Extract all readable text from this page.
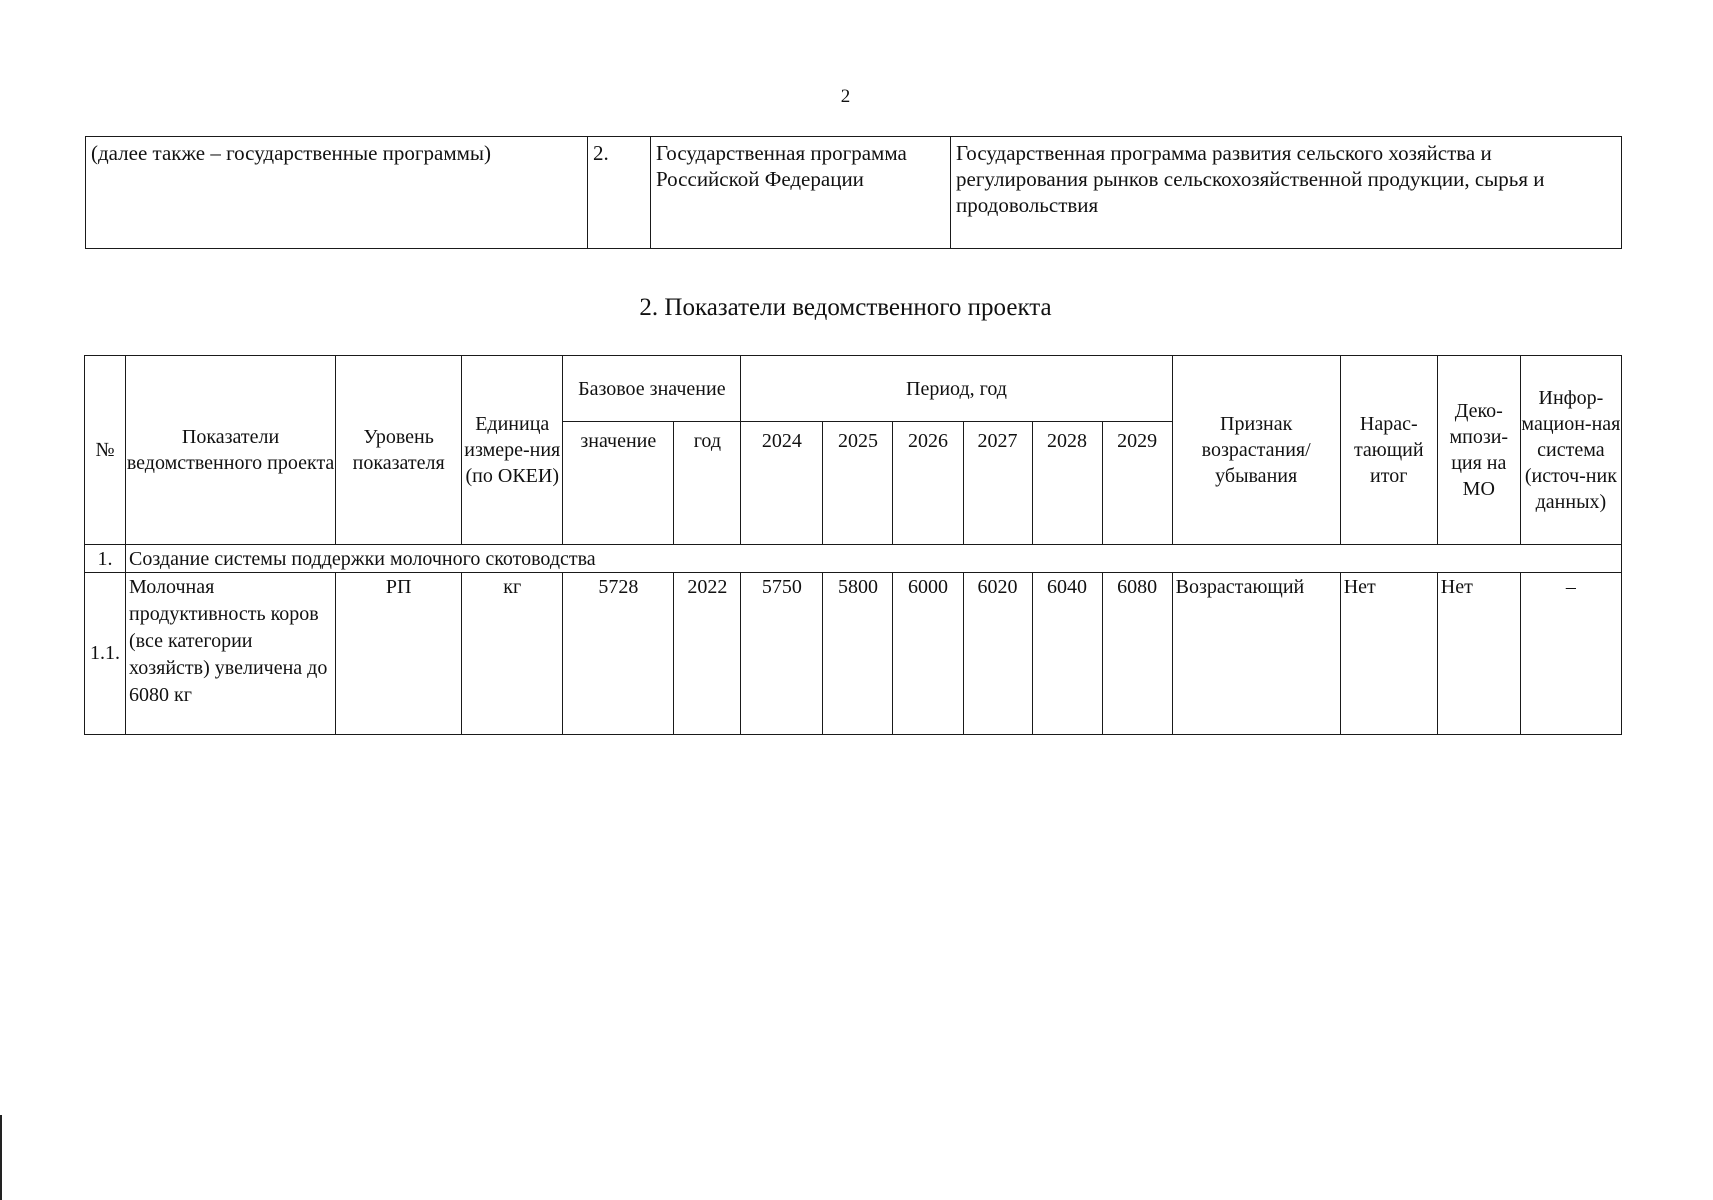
2
(далее также – государственные программы)	2.	Государственная программа Российской Федерации	Государственная программа развития сельского хозяйства и регулирования рынков сельскохозяйственной продукции, сырья и продовольствия
2. Показатели ведомственного проекта
№	Показатели ведомственного проекта	Уровень показателя	Единица измере-ния (по ОКЕИ)	Базовое значение		Период, год						Признак возрастания/ убывания	Нарас-тающий итог	Деко-мпози-ция на МО	Инфор-мацион-ная система (источ-ник данных)
				значение	год	2024	2025	2026	2027	2028	2029				
1.	Создание системы поддержки молочного скотоводства														
1.1.	Молочная продуктивность коров (все категории хозяйств) увеличена до 6080 кг	РП	кг	5728	2022	5750	5800	6000	6020	6040	6080	Возрастающий	Нет	Нет	–
